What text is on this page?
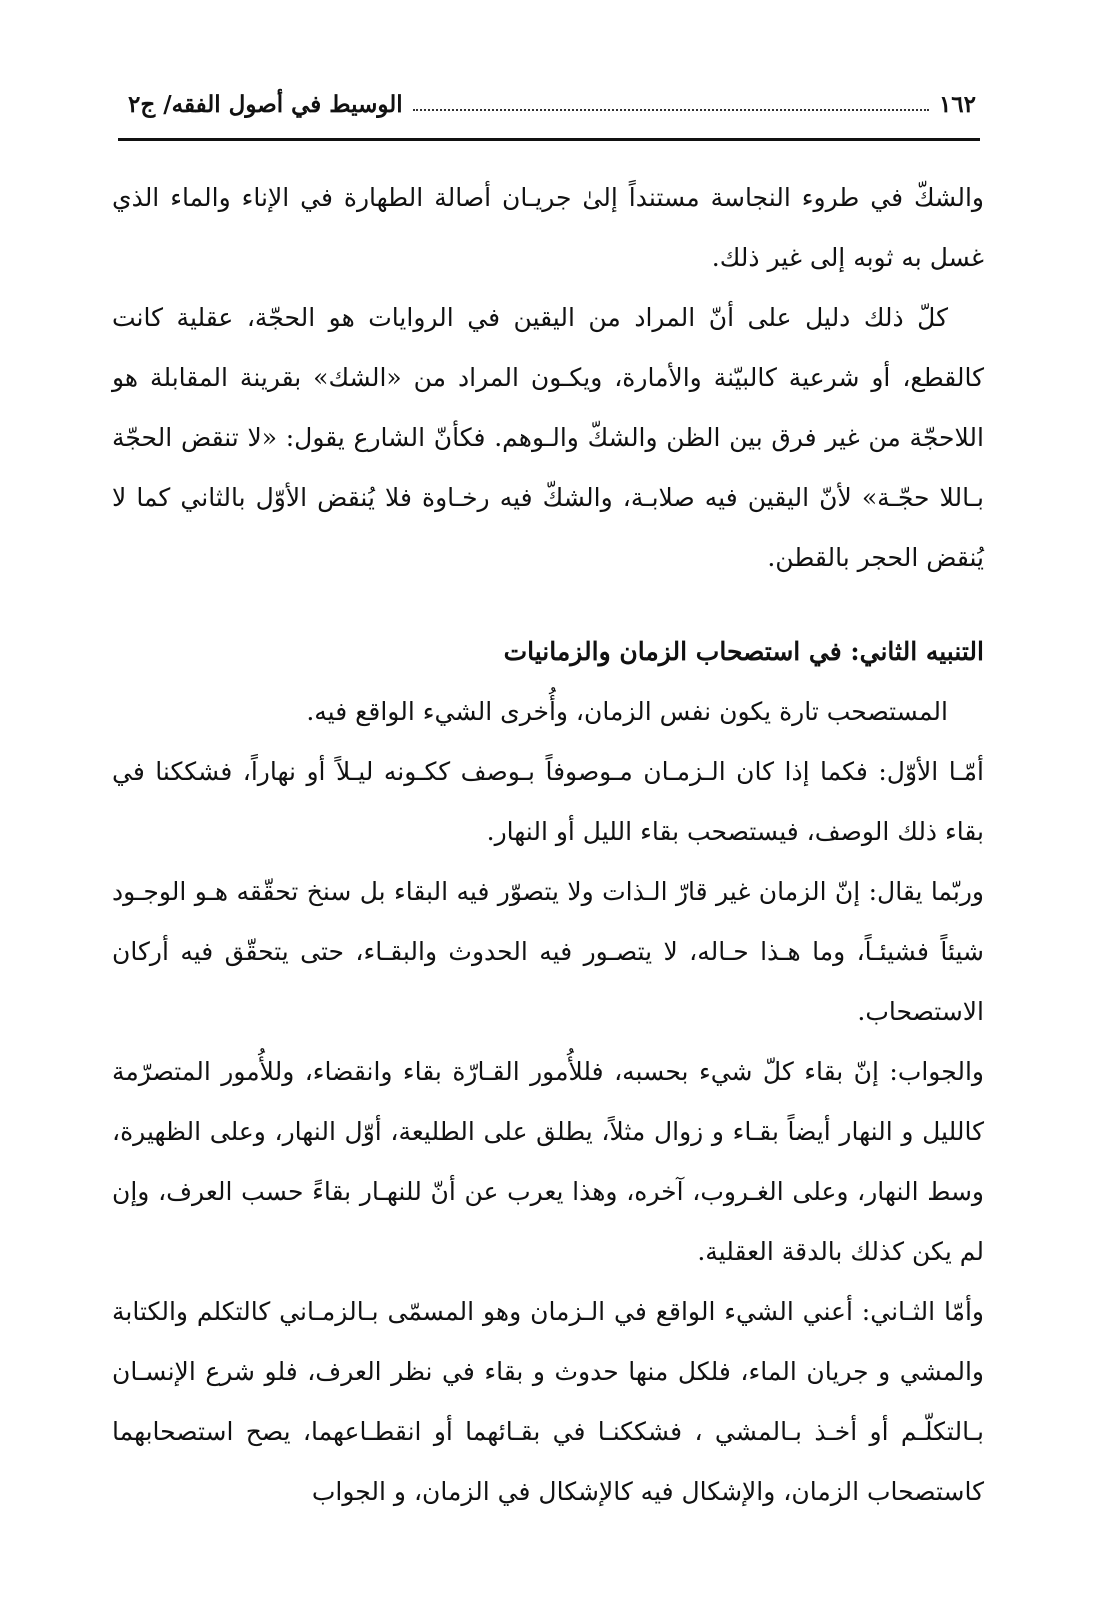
١٦٢
الوسيط في أصول الفقه/ ج٢

والشكّ في طروء النجاسة مستنداً إلىٰ جريـان أصالة الطهارة في الإناء والماء الذي غسل به ثوبه إلى غير ذلك.

كلّ ذلك دليل على أنّ المراد من اليقين في الروايات هو الحجّة، عقلية كانت كالقطع، أو شرعية كالبيّنة والأمارة، ويكـون المراد من «الشك» بقرينة المقابلة هو اللاحجّة من غير فرق بين الظن والشكّ والـوهم. فكأنّ الشارع يقول: «لا تنقض الحجّة بـاللا حجّـة» لأنّ اليقين فيه صلابـة، والشكّ فيه رخـاوة فلا يُنقض الأوّل بالثاني كما لا يُنقض الحجر بالقطن.

التنبيه الثاني: في استصحاب الزمان والزمانيات

المستصحب تارة يكون نفس الزمان، وأُخرى الشيء الواقع فيه.

أمّـا الأوّل: فكما إذا كان الـزمـان مـوصوفاً بـوصف ككـونه ليـلاً أو نهاراً، فشككنا في بقاء ذلك الوصف، فيستصحب بقاء الليل أو النهار.

وربّما يقال: إنّ الزمان غير قارّ الـذات ولا يتصوّر فيه البقاء بل سنخ تحقّقه هـو الوجـود شيئاً فشيئـاً، وما هـذا حـاله، لا يتصـور فيه الحدوث والبقـاء، حتى يتحقّق فيه أركان الاستصحاب.

والجواب: إنّ بقاء كلّ شيء بحسبه، فللأُمور القـارّة بقاء وانقضاء، وللأُمور المتصرّمة كالليل و النهار أيضاً بقـاء و زوال مثلاً، يطلق على الطليعة، أوّل النهار، وعلى الظهيرة، وسط النهار، وعلى الغـروب، آخره، وهذا يعرب عن أنّ للنهـار بقاءً حسب العرف، وإن لم يكن كذلك بالدقة العقلية.

وأمّا الثـاني: أعني الشيء الواقع في الـزمان وهو المسمّى بـالزمـاني كالتكلم والكتابة والمشي و جريان الماء، فلكل منها حدوث و بقاء في نظر العرف، فلو شرع الإنسـان بـالتكلّـم أو أخـذ بـالمشي ، فشككنـا في بقـائهما أو انقطـاعهما، يصح استصحابهما كاستصحاب الزمان، والإشكال فيه كالإشكال في الزمان، و الجواب
